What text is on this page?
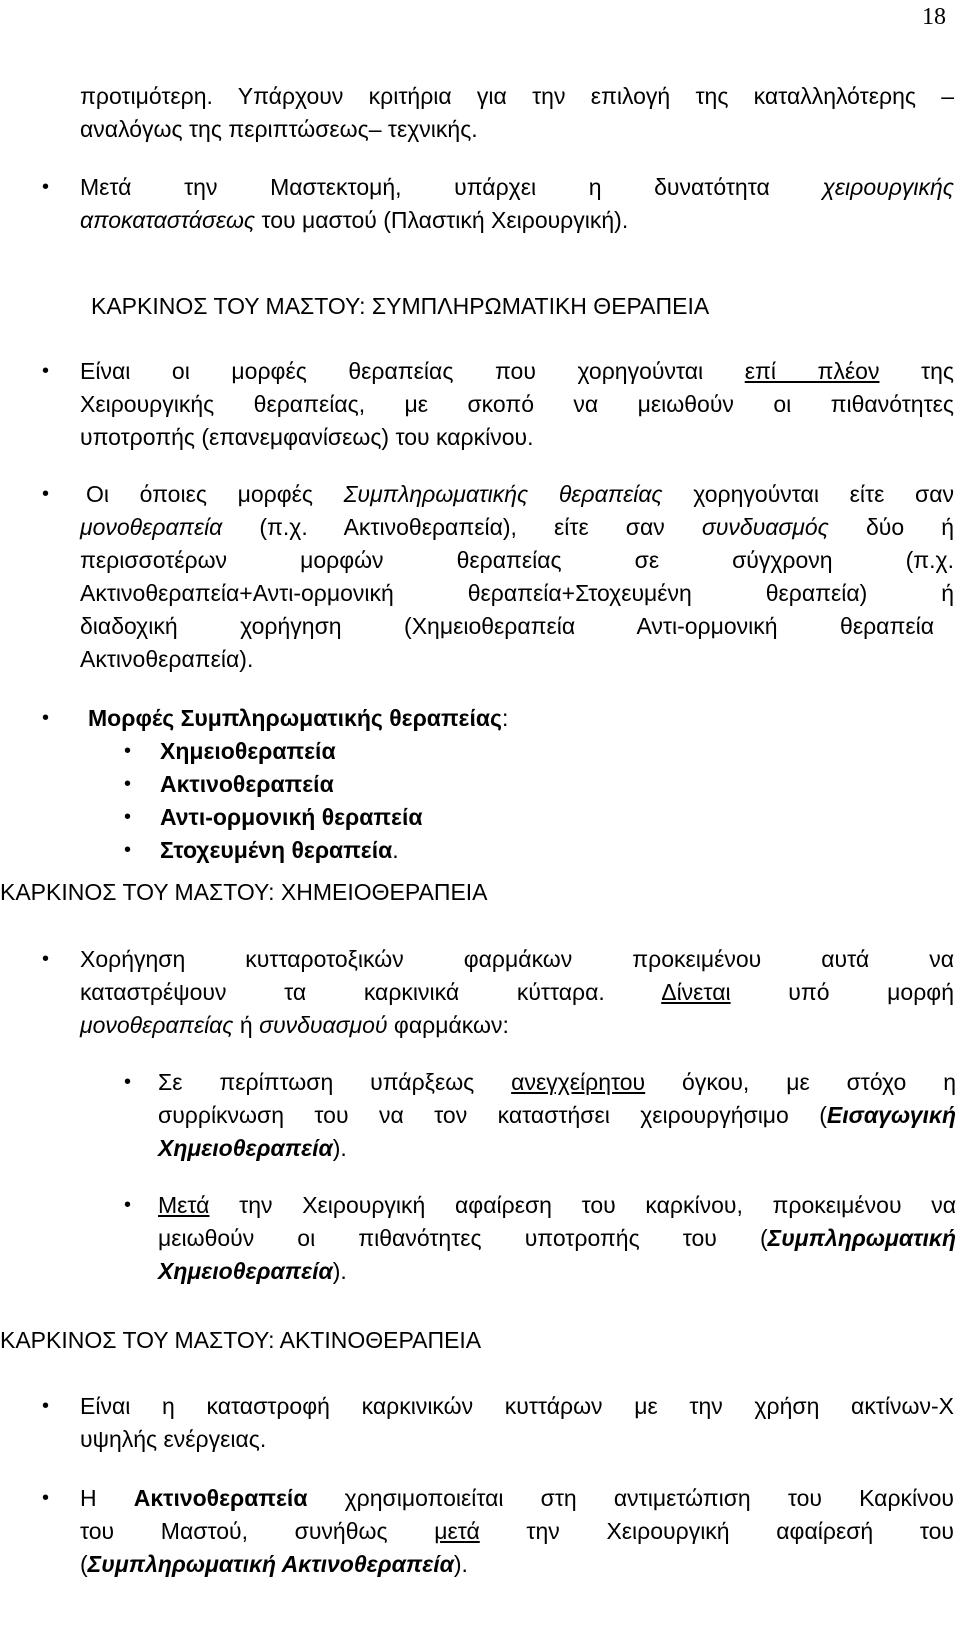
18
προτιμότερη. Υπάρχουν κριτήρια για την επιλογή της καταλληλότερης –
αναλόγως της περιπτώσεως– τεχνικής.
• Μετά την Μαστεκτομή, υπάρχει η δυνατότητα χειρουργικής
αποκαταστάσεως του μαστού (Πλαστική Χειρουργική).
ΚΑΡΚΙΝΟΣ ΤΟΥ ΜΑΣΤΟΥ: ΣΥΜΠΛΗΡΩΜΑΤΙΚΗ ΘΕΡΑΠΕΙΑ
• Είναι οι μορφές θεραπείας που χορηγούνται επί πλέον της
Χειρουργικής θεραπείας, με σκοπό να μειωθούν οι πιθανότητες
υποτροπής (επανεμφανίσεως) του καρκίνου.
• Οι όποιες μορφές Συμπληρωματικής θεραπείας χορηγούνται είτε σαν
μονοθεραπεία (π.χ. Ακτινοθεραπεία), είτε σαν συνδυασμός δύο ή
περισσοτέρων μορφών θεραπείας σε σύγχρονη (π.χ.
Ακτινοθεραπεία+Αντι-ορμονική θεραπεία+Στοχευμένη θεραπεία) ή
διαδοχική χορήγηση (Χημειοθεραπεία Αντι-ορμονική θεραπεία
Ακτινοθεραπεία).
• Μορφές Συμπληρωματικής θεραπείας:
• Χημειοθεραπεία
• Ακτινοθεραπεία
• Αντι-ορμονική θεραπεία
• Στοχευμένη θεραπεία.
ΚΑΡΚΙΝΟΣ ΤΟΥ ΜΑΣΤΟΥ: ΧΗΜΕΙΟΘΕΡΑΠΕΙΑ
• Χορήγηση κυτταροτοξικών φαρμάκων προκειμένου αυτά να
καταστρέψουν τα καρκινικά κύτταρα. Δίνεται υπό μορφή
μονοθεραπείας ή συνδυασμού φαρμάκων:
• Σε περίπτωση υπάρξεως ανεγχείρητου όγκου, με στόχο η
συρρίκνωση του να τον καταστήσει χειρουργήσιμο (Εισαγωγική
Χημειοθεραπεία).
• Μετά την Χειρουργική αφαίρεση του καρκίνου, προκειμένου να
μειωθούν οι πιθανότητες υποτροπής του (Συμπληρωματική
Χημειοθεραπεία).
ΚΑΡΚΙΝΟΣ ΤΟΥ ΜΑΣΤΟΥ: ΑΚΤΙΝΟΘΕΡΑΠΕΙΑ
• Είναι η καταστροφή καρκινικών κυττάρων με την χρήση ακτίνων-Χ
υψηλής ενέργειας.
• Η Ακτινοθεραπεία χρησιμοποιείται στη αντιμετώπιση του Καρκίνου
του Μαστού, συνήθως μετά την Χειρουργική αφαίρεσή του
(Συμπληρωματική Ακτινοθεραπεία).
